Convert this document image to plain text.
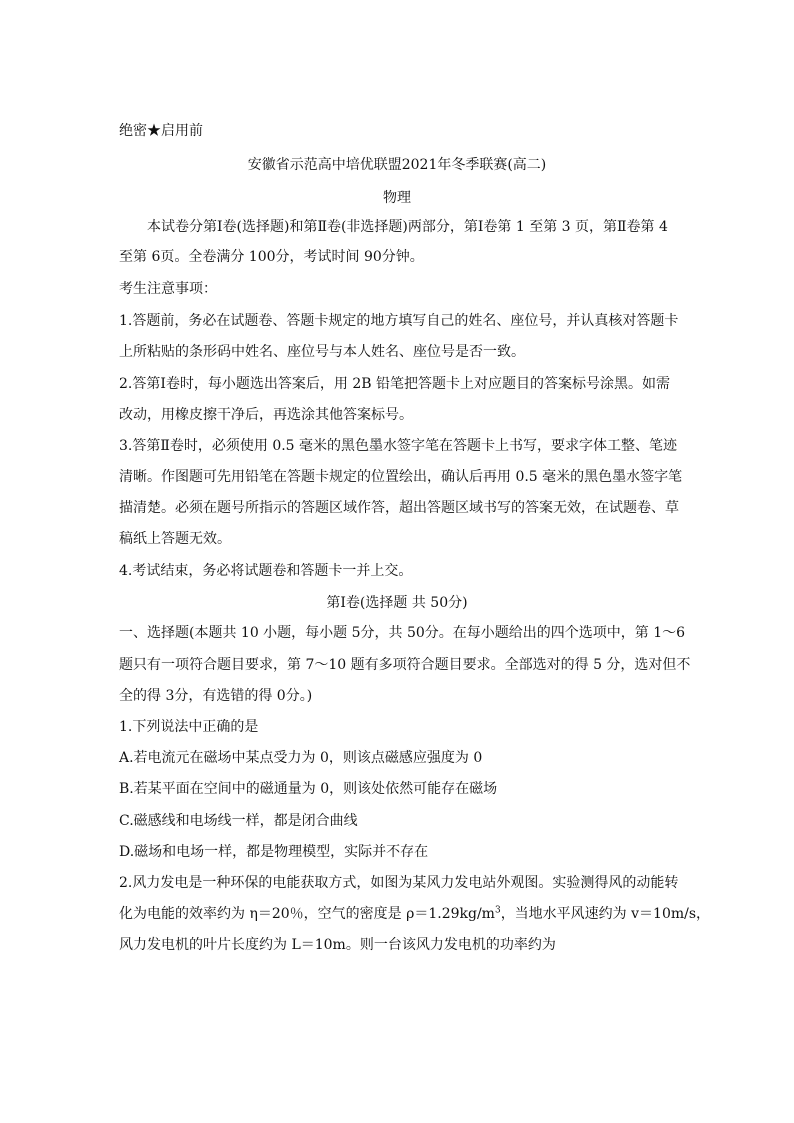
绝密★启用前
安徽省示范高中培优联盟2021年冬季联赛(高二)
物理
本试卷分第Ⅰ卷(选择题)和第Ⅱ卷(非选择题)两部分，第Ⅰ卷第 1 至第 3 页，第Ⅱ卷第 4
至第 6页。全卷满分 100分，考试时间 90分钟。
考生注意事项：
1.答题前，务必在试题卷、答题卡规定的地方填写自己的姓名、座位号，并认真核对答题卡
上所粘贴的条形码中姓名、座位号与本人姓名、座位号是否一致。
2.答第Ⅰ卷时，每小题选出答案后，用 2B 铅笔把答题卡上对应题目的答案标号涂黑。如需
改动，用橡皮擦干净后，再选涂其他答案标号。
3.答第Ⅱ卷时，必须使用 0.5 毫米的黑色墨水签字笔在答题卡上书写，要求字体工整、笔迹
清晰。作图题可先用铅笔在答题卡规定的位置绘出，确认后再用 0.5 毫米的黑色墨水签字笔
描清楚。必须在题号所指示的答题区域作答，超出答题区域书写的答案无效，在试题卷、草
稿纸上答题无效。
4.考试结束，务必将试题卷和答题卡一并上交。
第Ⅰ卷(选择题 共 50分)
一、选择题(本题共 10 小题，每小题 5分，共 50分。在每小题给出的四个选项中，第 1～6
题只有一项符合题目要求，第 7～10 题有多项符合题目要求。全部选对的得 5 分，选对但不
全的得 3分，有选错的得 0分。)
1.下列说法中正确的是
A.若电流元在磁场中某点受力为 0，则该点磁感应强度为 0
B.若某平面在空间中的磁通量为 0，则该处依然可能存在磁场
C.磁感线和电场线一样，都是闭合曲线
D.磁场和电场一样，都是物理模型，实际并不存在
2.风力发电是一种环保的电能获取方式，如图为某风力发电站外观图。实验测得风的动能转
化为电能的效率约为 η＝20％，空气的密度是 $\rho=1.29kg/m^3$，当地水平风速约为 v＝10m/s，
风力发电机的叶片长度约为 L＝10m。则一台该风力发电机的功率约为
